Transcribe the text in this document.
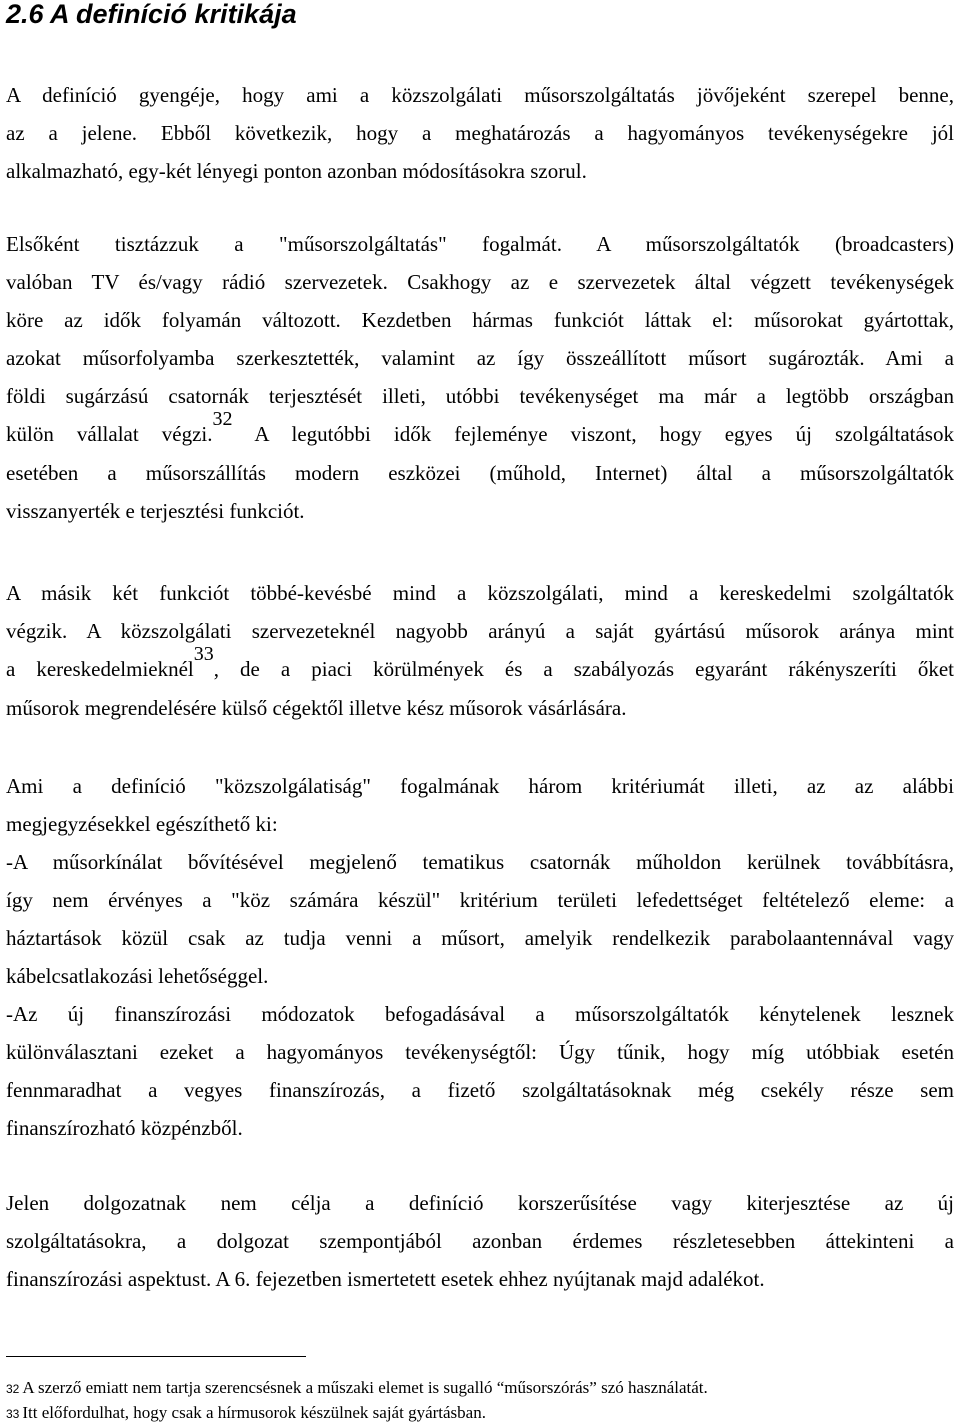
2.6 A definíció kritikája
A definíció gyengéje, hogy ami a közszolgálati műsorszolgáltatás jövőjeként szerepel benne,
az a jelene. Ebből következik, hogy a meghatározás a hagyományos tevékenységekre jól
alkalmazható, egy-két lényegi ponton azonban módosításokra szorul.
Elsőként tisztázzuk a "műsorszolgáltatás" fogalmát. A műsorszolgáltatók (broadcasters)
valóban TV és/vagy rádió szervezetek. Csakhogy az e szervezetek által végzett tevékenységek
köre az idők folyamán változott. Kezdetben hármas funkciót láttak el: műsorokat gyártottak,
azokat műsorfolyamba szerkesztették, valamint az így összeállított műsort sugározták. Ami a
földi sugárzású csatornák terjesztését illeti, utóbbi tevékenységet ma már a legtöbb országban
külön vállalat végzi.32 A legutóbbi idők fejleménye viszont, hogy egyes új szolgáltatások
esetében a műsorszállítás modern eszközei (műhold, Internet) által a műsorszolgáltatók
visszanyerték e terjesztési funkciót.
A másik két funkciót többé-kevésbé mind a közszolgálati, mind a kereskedelmi szolgáltatók
végzik. A közszolgálati szervezeteknél nagyobb arányú a saját gyártású műsorok aránya mint
a kereskedelmieknél33, de a piaci körülmények és a szabályozás egyaránt rákényszeríti őket
műsorok megrendelésére külső cégektől illetve kész műsorok vásárlására.
Ami a definíció "közszolgálatiság" fogalmának három kritériumát illeti, az az alábbi
megjegyzésekkel egészíthető ki:
-A műsorkínálat bővítésével megjelenő tematikus csatornák műholdon kerülnek továbbításra,
így nem érvényes a "köz számára készül" kritérium területi lefedettséget feltételező eleme: a
háztartások közül csak az tudja venni a műsort, amelyik rendelkezik parabolaantennával vagy
kábelcsatlakozási lehetőséggel.
-Az új finanszírozási módozatok befogadásával a műsorszolgáltatók kénytelenek lesznek
különválasztani ezeket a hagyományos tevékenységtől: Úgy tűnik, hogy míg utóbbiak esetén
fennmaradhat a vegyes finanszírozás, a fizető szolgáltatásoknak még csekély része sem
finanszírozható közpénzből.
Jelen dolgozatnak nem célja a definíció korszerűsítése vagy kiterjesztése az új
szolgáltatásokra, a dolgozat szempontjából azonban érdemes részletesebben áttekinteni a
finanszírozási aspektust. A 6. fejezetben ismertetett esetek ehhez nyújtanak majd adalékot.
32 A szerző emiatt nem tartja szerencsésnek a műszaki elemet is sugalló “műsorszórás” szó használatát.
33 Itt előfordulhat, hogy csak a hírmusorok készülnek saját gyártásban.
